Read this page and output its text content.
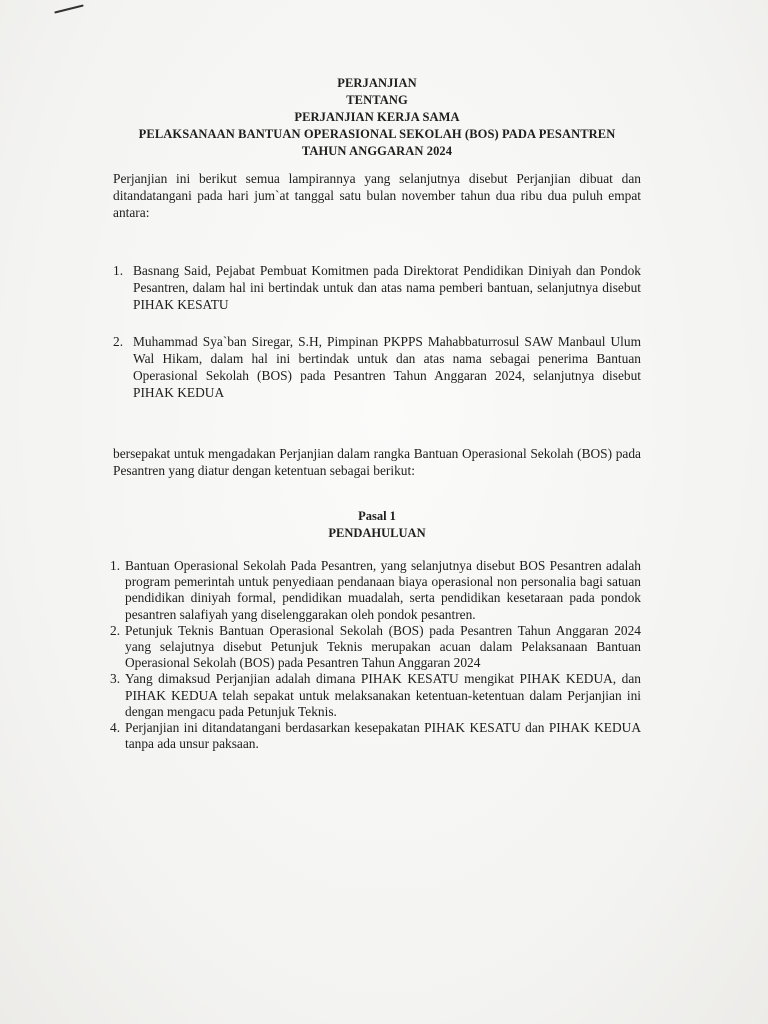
PERJANJIAN
TENTANG
PERJANJIAN KERJA SAMA
PELAKSANAAN BANTUAN OPERASIONAL SEKOLAH (BOS) PADA PESANTREN
TAHUN ANGGARAN 2024
Perjanjian ini berikut semua lampirannya yang selanjutnya disebut Perjanjian dibuat dan ditandatangani pada hari jum`at tanggal satu bulan november tahun dua ribu dua puluh empat antara:
1. Basnang Said, Pejabat Pembuat Komitmen pada Direktorat Pendidikan Diniyah dan Pondok Pesantren, dalam hal ini bertindak untuk dan atas nama pemberi bantuan, selanjutnya disebut PIHAK KESATU
2. Muhammad Sya`ban Siregar, S.H, Pimpinan PKPPS Mahabbaturrosul SAW Manbaul Ulum Wal Hikam, dalam hal ini bertindak untuk dan atas nama sebagai penerima Bantuan Operasional Sekolah (BOS) pada Pesantren Tahun Anggaran 2024, selanjutnya disebut PIHAK KEDUA
bersepakat untuk mengadakan Perjanjian dalam rangka Bantuan Operasional Sekolah (BOS) pada Pesantren yang diatur dengan ketentuan sebagai berikut:
Pasal 1
PENDAHULUAN
1. Bantuan Operasional Sekolah Pada Pesantren, yang selanjutnya disebut BOS Pesantren adalah program pemerintah untuk penyediaan pendanaan biaya operasional non personalia bagi satuan pendidikan diniyah formal, pendidikan muadalah, serta pendidikan kesetaraan pada pondok pesantren salafiyah yang diselenggarakan oleh pondok pesantren.
2. Petunjuk Teknis Bantuan Operasional Sekolah (BOS) pada Pesantren Tahun Anggaran 2024 yang selajutnya disebut Petunjuk Teknis merupakan acuan dalam Pelaksanaan Bantuan Operasional Sekolah (BOS) pada Pesantren Tahun Anggaran 2024
3. Yang dimaksud Perjanjian adalah dimana PIHAK KESATU mengikat PIHAK KEDUA, dan PIHAK KEDUA telah sepakat untuk melaksanakan ketentuan-ketentuan dalam Perjanjian ini dengan mengacu pada Petunjuk Teknis.
4. Perjanjian ini ditandatangani berdasarkan kesepakatan PIHAK KESATU dan PIHAK KEDUA tanpa ada unsur paksaan.
